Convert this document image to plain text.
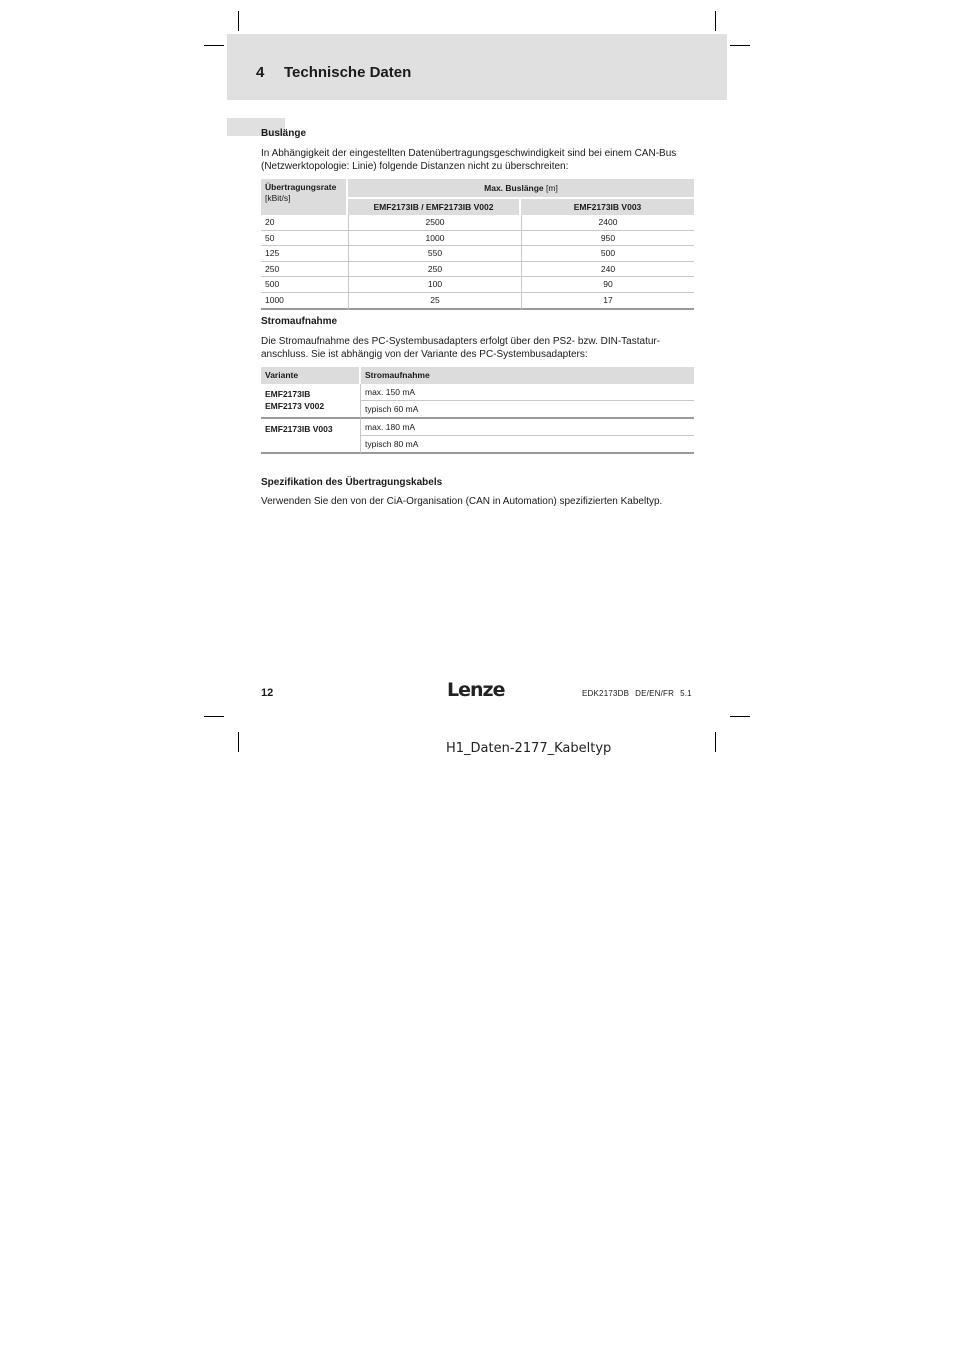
4 Technische Daten
Buslänge
In Abhängigkeit der eingestellten Datenübertragungsgeschwindigkeit sind bei einem CAN-Bus (Netzwerktopologie: Linie) folgende Distanzen nicht zu überschreiten:
Übertragungsrate
[kBit/s]	Max. Buslänge [m]	
	EMF2173IB / EMF2173IB V002	EMF2173IB V003
20	2500	2400
50	1000	950
125	550	500
250	250	240
500	100	90
1000	25	17
Stromaufnahme
Die Stromaufnahme des PC-Systembusadapters erfolgt über den PS2- bzw. DIN-Tastatur-anschluss. Sie ist abhängig von der Variante des PC-Systembusadapters:
Variante	Stromaufnahme

EMF2173IB
EMF2173 V002	max. 150 mA
	typisch 60 mA

EMF2173IB V003	max. 180 mA
	typisch 80 mA
Spezifikation des Übertragungskabels
Verwenden Sie den von der CiA-Organisation (CAN in Automation) spezifizierten Kabeltyp.
12	Lenze	EDK2173DB DE/EN/FR 5.1
H1_Daten-2177_Kabeltyp
